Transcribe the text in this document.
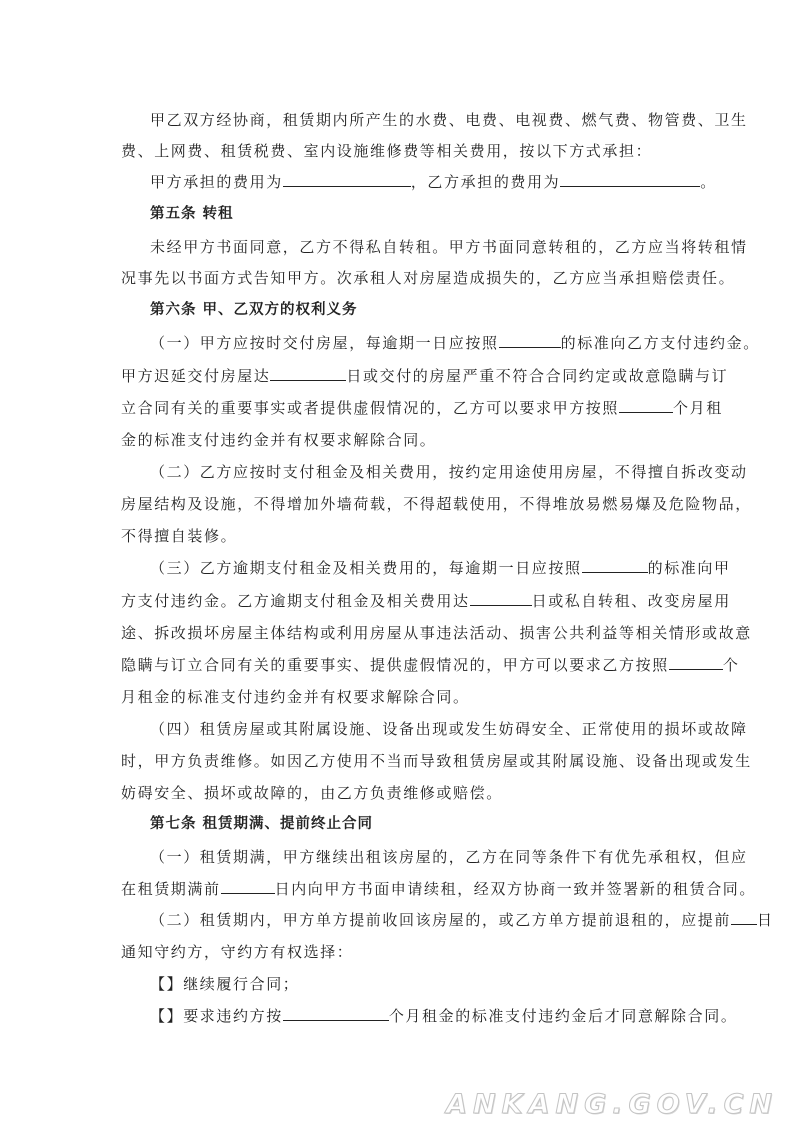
甲乙双方经协商，租赁期内所产生的水费、电费、电视费、燃气费、物管费、卫生
费、上网费、租赁税费、室内设施维修费等相关费用，按以下方式承担：
甲方承担的费用为	，乙方承担的费用为	。
第五条 转租
未经甲方书面同意，乙方不得私自转租。甲方书面同意转租的，乙方应当将转租情
况事先以书面方式告知甲方。次承租人对房屋造成损失的，乙方应当承担赔偿责任。
第六条 甲、乙双方的权利义务
（一）甲方应按时交付房屋，每逾期一日应按照	的标准向乙方支付违约金。
甲方迟延交付房屋达	日或交付的房屋严重不符合合同约定或故意隐瞒与订
立合同有关的重要事实或者提供虚假情况的，乙方可以要求甲方按照	个月租
金的标准支付违约金并有权要求解除合同。
（二）乙方应按时支付租金及相关费用，按约定用途使用房屋，不得擅自拆改变动
房屋结构及设施，不得增加外墙荷载，不得超载使用，不得堆放易燃易爆及危险物品，
不得擅自装修。
（三）乙方逾期支付租金及相关费用的，每逾期一日应按照	的标准向甲
方支付违约金。乙方逾期支付租金及相关费用达	日或私自转租、改变房屋用
途、拆改损坏房屋主体结构或利用房屋从事违法活动、损害公共利益等相关情形或故意
隐瞒与订立合同有关的重要事实、提供虚假情况的，甲方可以要求乙方按照	个
月租金的标准支付违约金并有权要求解除合同。
（四）租赁房屋或其附属设施、设备出现或发生妨碍安全、正常使用的损坏或故障
时，甲方负责维修。如因乙方使用不当而导致租赁房屋或其附属设施、设备出现或发生
妨碍安全、损坏或故障的，由乙方负责维修或赔偿。
第七条 租赁期满、提前终止合同
（一）租赁期满，甲方继续出租该房屋的，乙方在同等条件下有优先承租权，但应
在租赁期满前	日内向甲方书面申请续租，经双方协商一致并签署新的租赁合同。
（二）租赁期内，甲方单方提前收回该房屋的，或乙方单方提前退租的，应提前 日
通知守约方，守约方有权选择：
【】继续履行合同；
【】要求违约方按	个月租金的标准支付违约金后才同意解除合同。
ANKANG.GOV.CN
